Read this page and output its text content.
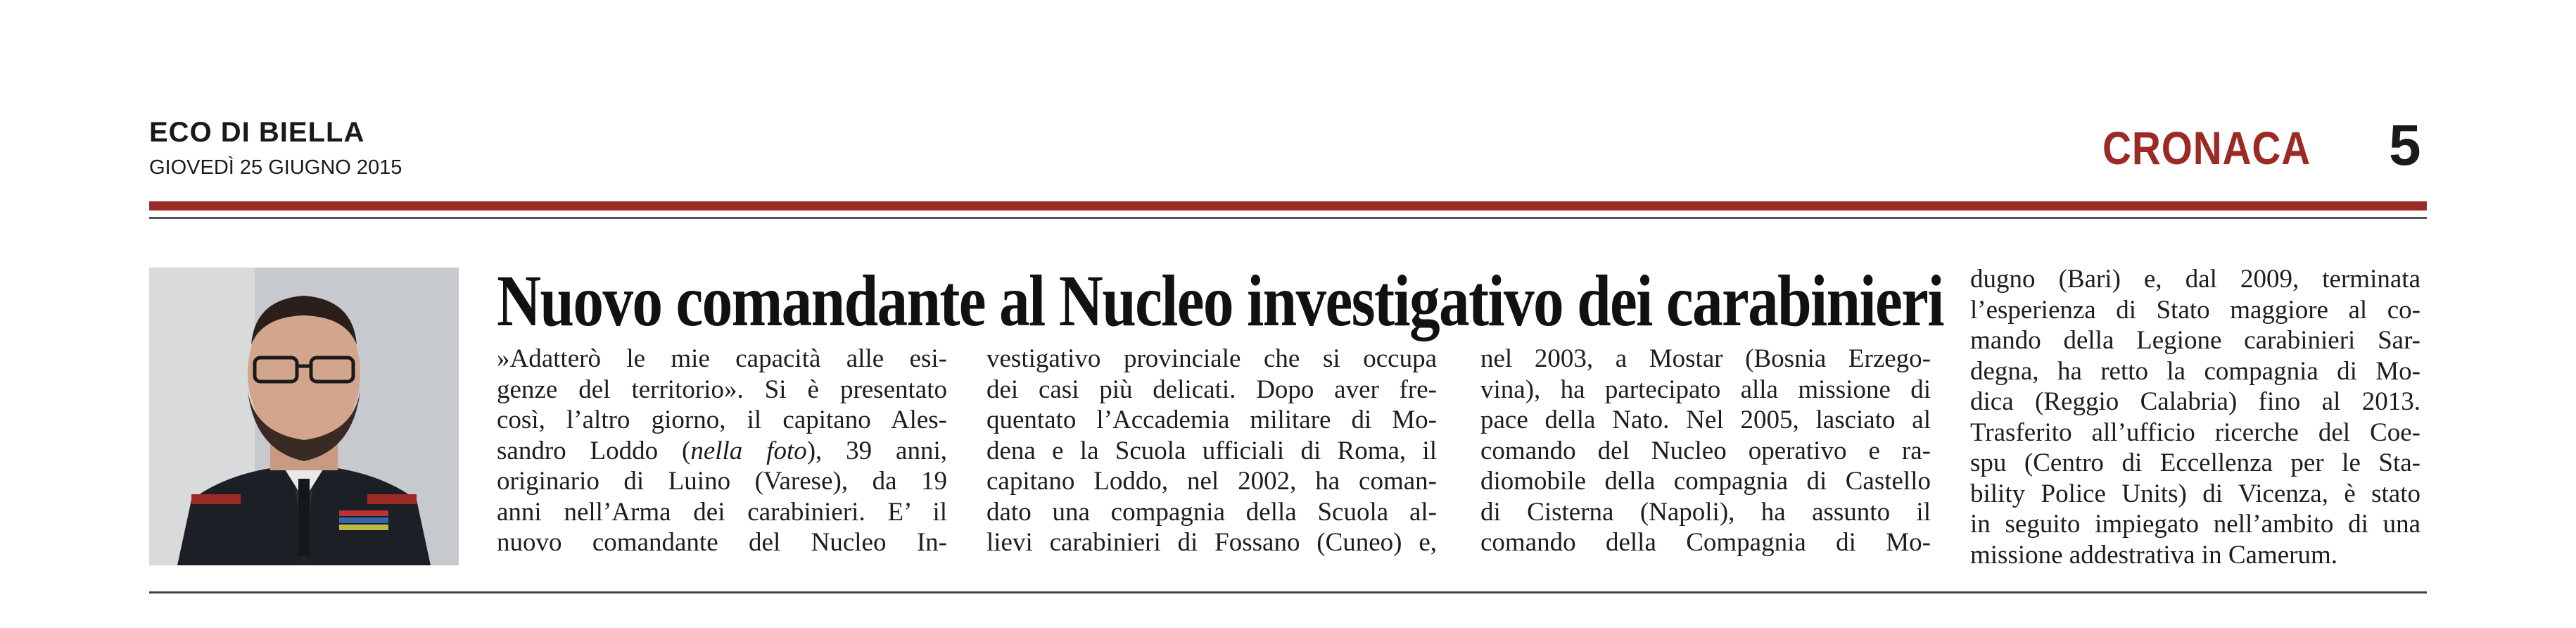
ECO DI BIELLA
GIOVEDÌ 25 GIUGNO 2015	CRONACA 5
Nuovo comandante al Nucleo investigativo dei carabinieri
»Adatterò le mie capacità alle esi-
genze del territorio». Si è presentato
così, l’altro giorno, il capitano Ales-
sandro Loddo (nella foto), 39 anni,
originario di Luino (Varese), da 19
anni nell’Arma dei carabinieri. E’ il
nuovo comandante del Nucleo In-
vestigativo provinciale che si occupa
dei casi più delicati. Dopo aver fre-
quentato l’Accademia militare di Mo-
dena e la Scuola ufficiali di Roma, il
capitano Loddo, nel 2002, ha coman-
dato una compagnia della Scuola al-
lievi carabinieri di Fossano (Cuneo) e,
nel 2003, a Mostar (Bosnia Erzego-
vina), ha partecipato alla missione di
pace della Nato. Nel 2005, lasciato al
comando del Nucleo operativo e ra-
diomobile della compagnia di Castello
di Cisterna (Napoli), ha assunto il
comando della Compagnia di Mo-
dugno (Bari) e, dal 2009, terminata
l’esperienza di Stato maggiore al co-
mando della Legione carabinieri Sar-
degna, ha retto la compagnia di Mo-
dica (Reggio Calabria) fino al 2013.
Trasferito all’ufficio ricerche del Coe-
spu (Centro di Eccellenza per le Sta-
bility Police Units) di Vicenza, è stato
in seguito impiegato nell’ambito di una
missione addestrativa in Camerum.
